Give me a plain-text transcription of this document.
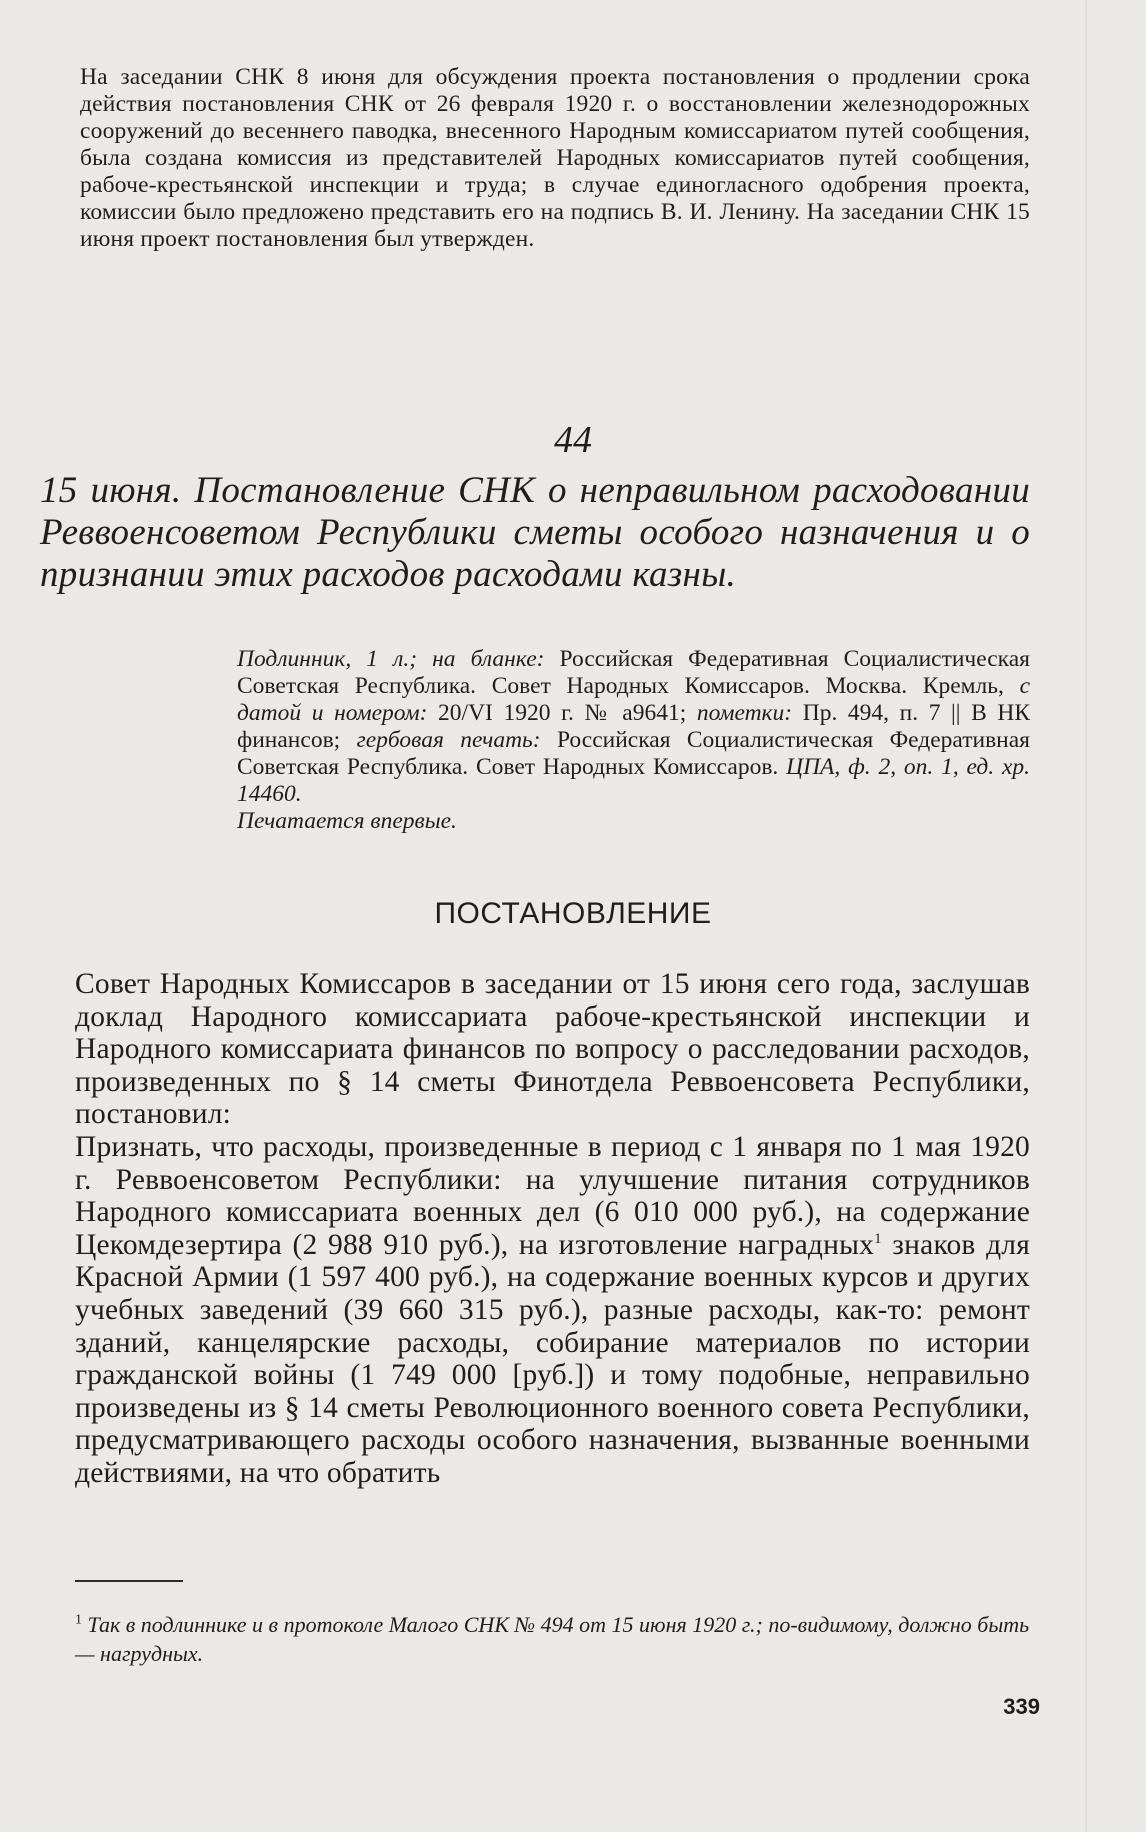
На заседании СНК 8 июня для обсуждения проекта постановления о продлении срока действия постановления СНК от 26 февраля 1920 г. о восстановлении железнодорожных сооружений до весеннего паводка, внесенного Народным комиссариатом путей сообщения, была создана комиссия из представителей Народных комиссариатов путей сообщения, рабоче-крестьянской инспекции и труда; в случае единогласного одобрения проекта, комиссии было предложено представить его на подпись В. И. Ленину. На заседании СНК 15 июня проект постановления был утвержден.

44
15 июня. Постановление СНК о неправильном расходовании Реввоенсоветом Республики сметы особого назначения и о признании этих расходов расходами казны.

Подлинник, 1 л.; на бланке: Российская Федеративная Социалистическая Советская Республика. Совет Народных Комиссаров. Москва. Кремль, с датой и номером: 20/VI 1920 г. № а9641; пометки: Пр. 494, п. 7 || В НК финансов; гербовая печать: Российская Социалистическая Федеративная Советская Республика. Совет Народных Комиссаров. ЦПА, ф. 2, оп. 1, ед. хр. 14460.

Печатается впервые.

ПОСТАНОВЛЕНИЕ

Совет Народных Комиссаров в заседании от 15 июня сего года, заслушав доклад Народного комиссариата рабоче-крестьянской инспекции и Народного комиссариата финансов по вопросу о расследовании расходов, произведенных по § 14 сметы Финотдела Реввоенсовета Республики, постановил:

Признать, что расходы, произведенные в период с 1 января по 1 мая 1920 г. Реввоенсоветом Республики: на улучшение питания сотрудников Народного комиссариата военных дел (6 010 000 руб.), на содержание Цекомдезертира (2 988 910 руб.), на изготовление наградных$^1$ знаков для Красной Армии (1 597 400 руб.), на содержание военных курсов и других учебных заведений (39 660 315 руб.), разные расходы, как-то: ремонт зданий, канцелярские расходы, собирание материалов по истории гражданской войны (1 749 000 [руб.]) и тому подобные, неправильно произведены из § 14 сметы Революционного военного совета Республики, предусматривающего расходы особого назначения, вызванные военными действиями, на что обратить

$^1$ Так в подлиннике и в протоколе Малого СНК № 494 от 15 июня 1920 г.; по-видимому, должно быть — нагрудных.

339
